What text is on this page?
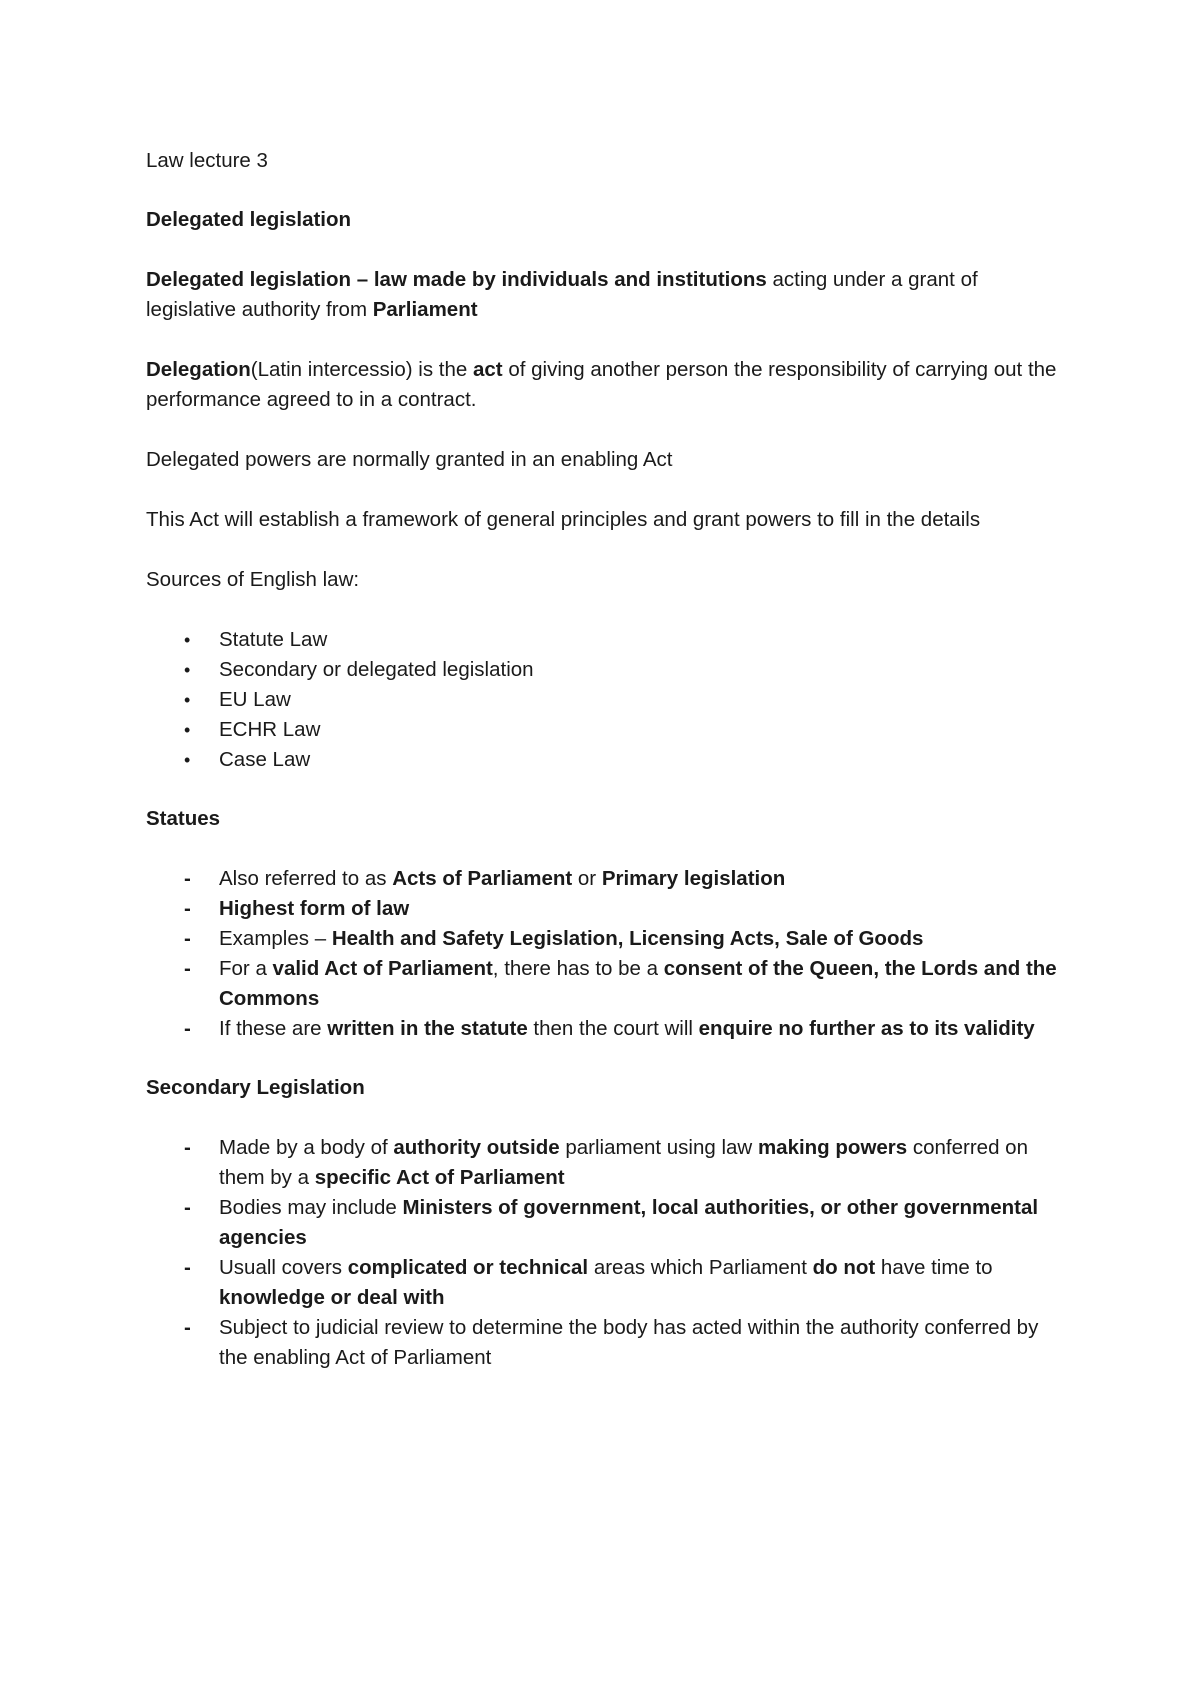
Law lecture 3

Delegated legislation

Delegated legislation – law made by individuals and institutions acting under a grant of legislative authority from Parliament

Delegation(Latin intercessio) is the act of giving another person the responsibility of carrying out the performance agreed to in a contract.

Delegated powers are normally granted in an enabling Act

This Act will establish a framework of general principles and grant powers to fill in the details

Sources of English law:

• Statute Law
• Secondary or delegated legislation
• EU Law
• ECHR Law
• Case Law

Statues

- Also referred to as Acts of Parliament or Primary legislation
- Highest form of law
- Examples – Health and Safety Legislation, Licensing Acts, Sale of Goods
- For a valid Act of Parliament, there has to be a consent of the Queen, the Lords and the Commons
- If these are written in the statute then the court will enquire no further as to its validity

Secondary Legislation

- Made by a body of authority outside parliament using law making powers conferred on them by a specific Act of Parliament
- Bodies may include Ministers of government, local authorities, or other governmental agencies
- Usuall covers complicated or technical areas which Parliament do not have time to knowledge or deal with
- Subject to judicial review to determine the body has acted within the authority conferred by the enabling Act of Parliament
